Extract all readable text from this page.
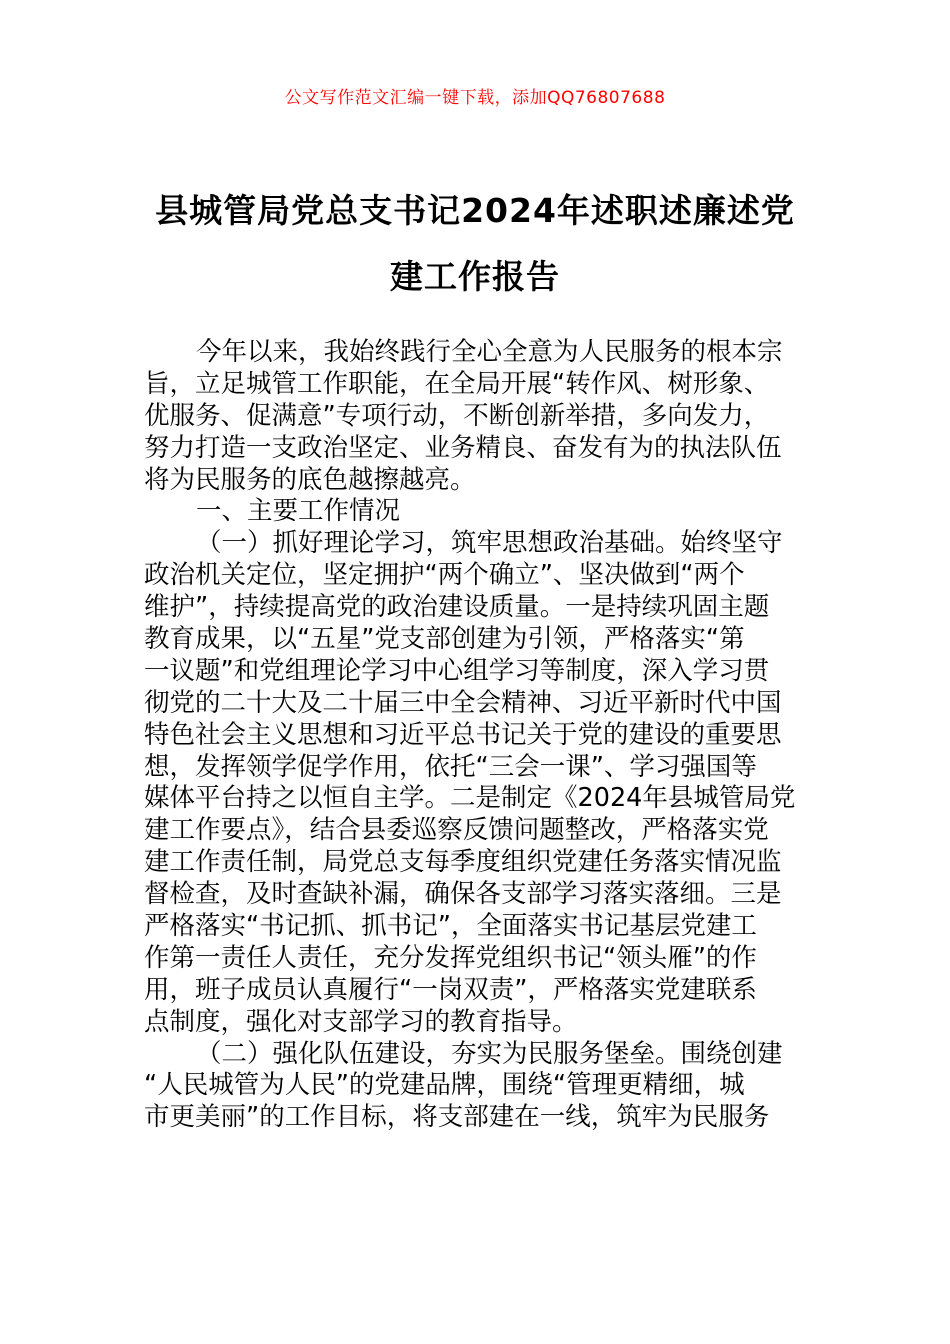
公文写作范文汇编一键下载，添加QQ76807688
县城管局党总支书记2024年述职述廉述党
建工作报告
今年以来，我始终践行全心全意为人民服务的根本宗
旨，立足城管工作职能，在全局开展“转作风、树形象、
优服务、促满意”专项行动，不断创新举措，多向发力，
努力打造一支政治坚定、业务精良、奋发有为的执法队伍
将为民服务的底色越擦越亮。
一、主要工作情况
（一）抓好理论学习，筑牢思想政治基础。始终坚守
政治机关定位，坚定拥护“两个确立”、坚决做到“两个
维护”，持续提高党的政治建设质量。一是持续巩固主题
教育成果，以“五星”党支部创建为引领，严格落实“第
一议题”和党组理论学习中心组学习等制度，深入学习贯
彻党的二十大及二十届三中全会精神、习近平新时代中国
特色社会主义思想和习近平总书记关于党的建设的重要思
想，发挥领学促学作用，依托“三会一课”、学习强国等
媒体平台持之以恒自主学。二是制定《2024年县城管局党
建工作要点》，结合县委巡察反馈问题整改，严格落实党
建工作责任制，局党总支每季度组织党建任务落实情况监
督检查，及时查缺补漏，确保各支部学习落实落细。三是
严格落实“书记抓、抓书记”，全面落实书记基层党建工
作第一责任人责任，充分发挥党组织书记“领头雁”的作
用，班子成员认真履行“一岗双责”，严格落实党建联系
点制度，强化对支部学习的教育指导。
（二）强化队伍建设，夯实为民服务堡垒。围绕创建
“人民城管为人民”的党建品牌，围绕“管理更精细，城
市更美丽”的工作目标，将支部建在一线，筑牢为民服务
